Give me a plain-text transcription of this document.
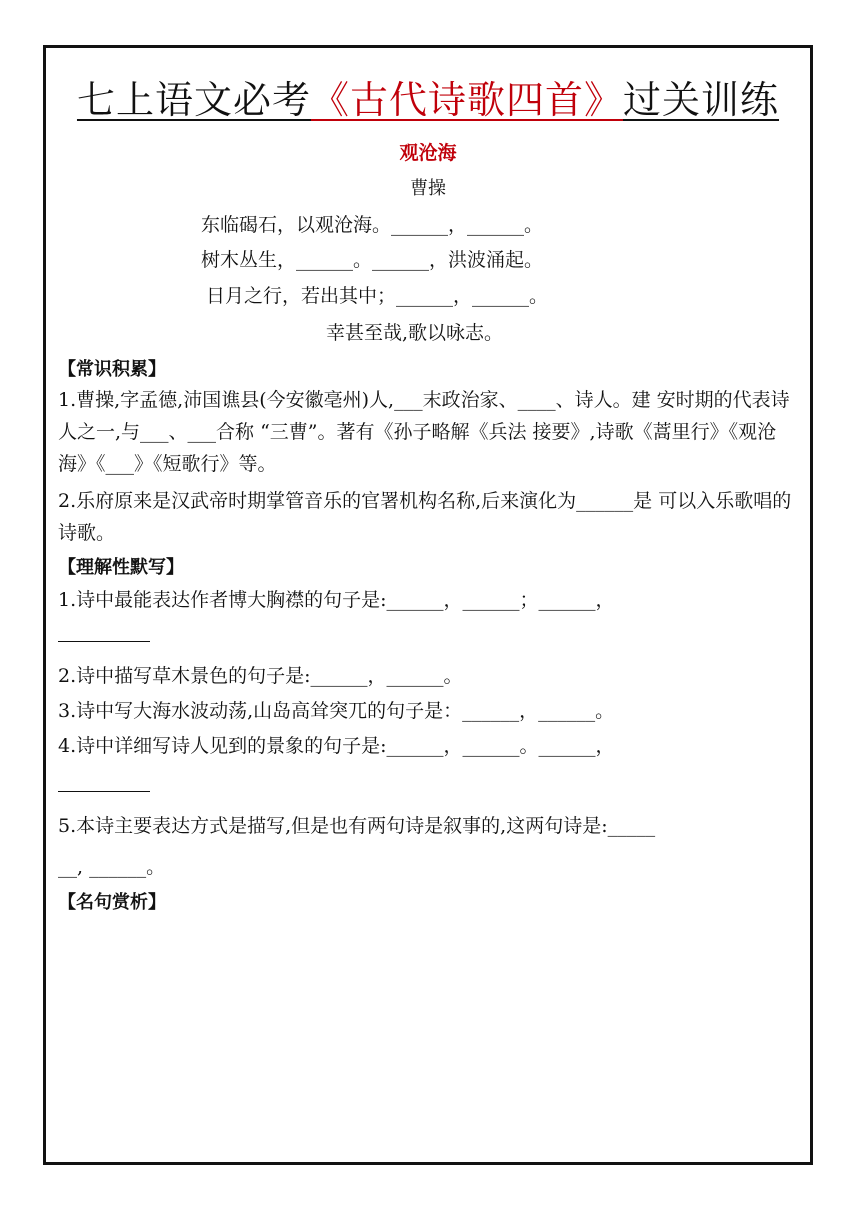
七上语文必考《古代诗歌四首》过关训练
观沧海
曹操
东临碣石，以观沧海。______，______。
树木丛生，______。______，洪波涌起。
日月之行，若出其中；______，______。
幸甚至哉,歌以咏志。
【常识积累】
1.曹操,字孟德,沛国谯县(今安徽亳州)人,___末政治家、____、诗人。建 安时期的代表诗人之一,与___、___合称 “三曹”。著有《孙子略解《兵法 接要》,诗歌《蒿里行》《观沧海》《___》《短歌行》等。
2.乐府原来是汉武帝时期掌管音乐的官署机构名称,后来演化为______是 可以入乐歌唱的诗歌。
【理解性默写】
1.诗中最能表达作者博大胸襟的句子是:______，______；______，
2.诗中描写草木景色的句子是:______，______。
3.诗中写大海水波动荡,山岛高耸突兀的句子是：______，______。
4.诗中详细写诗人见到的景象的句子是:______，______。______，
5.本诗主要表达方式是描写,但是也有两句诗是叙事的,这两句诗是:_____
__, ______。
【名句赏析】
